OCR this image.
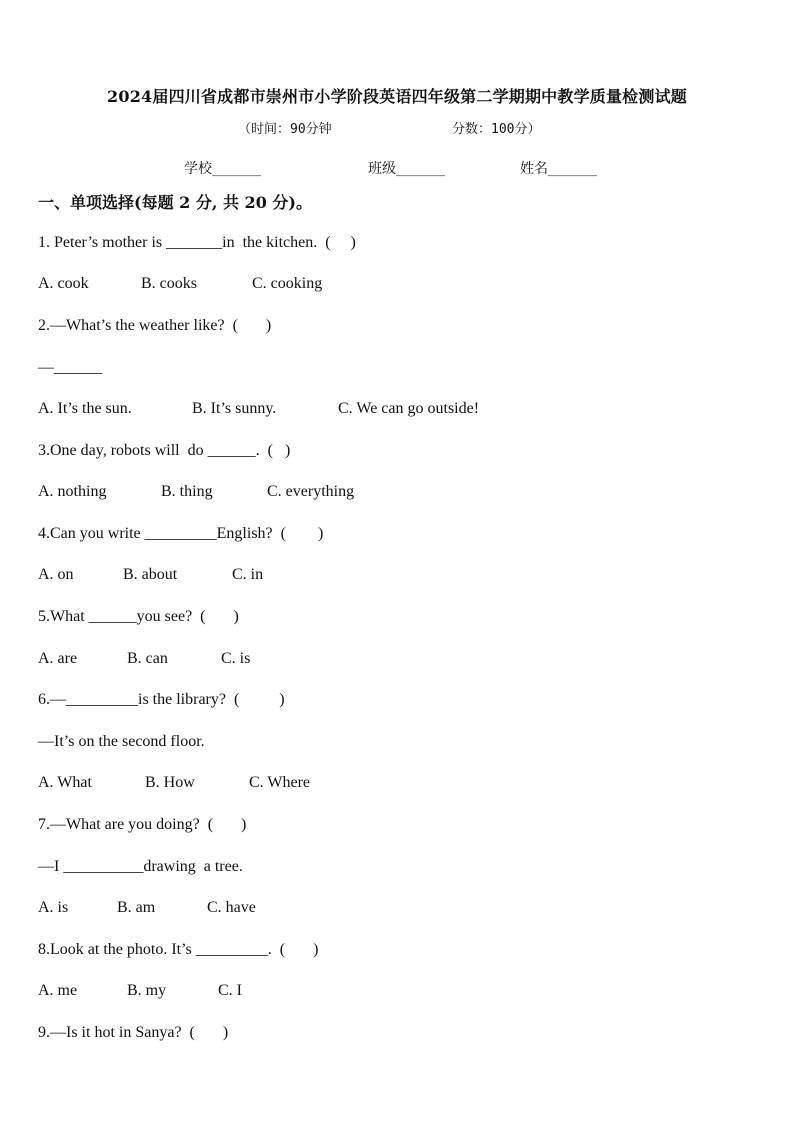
2024届四川省成都市崇州市小学阶段英语四年级第二学期期中教学质量检测试题
（时间：90分钟	分数：100分）
学校_______	班级_______	姓名_______
一、单项选择(每题 2 分, 共 20 分)。
1. Peter’s mother is _______in  the kitchen.  (     )
A. cook	B. cooks	C. cooking
2.—What’s the weather like?  (       )
—______
A. It’s the sun.	B. It’s sunny.	C. We can go outside!
3.One day, robots will  do ______.  (   )
A. nothing	B. thing	C. everything
4.Can you write _________English?  (        )
A. on	B. about	C. in
5.What ______you see?  (       )
A. are	B. can	C. is
6.—_________is the library?  (          )
—It’s on the second floor.
A. What	B. How	C. Where
7.—What are you doing?  (       )
—I __________drawing  a tree.
A. is	B. am	C. have
8.Look at the photo. It’s _________.  (       )
A. me	B. my	C. I
9.—Is it hot in Sanya?  (       )
